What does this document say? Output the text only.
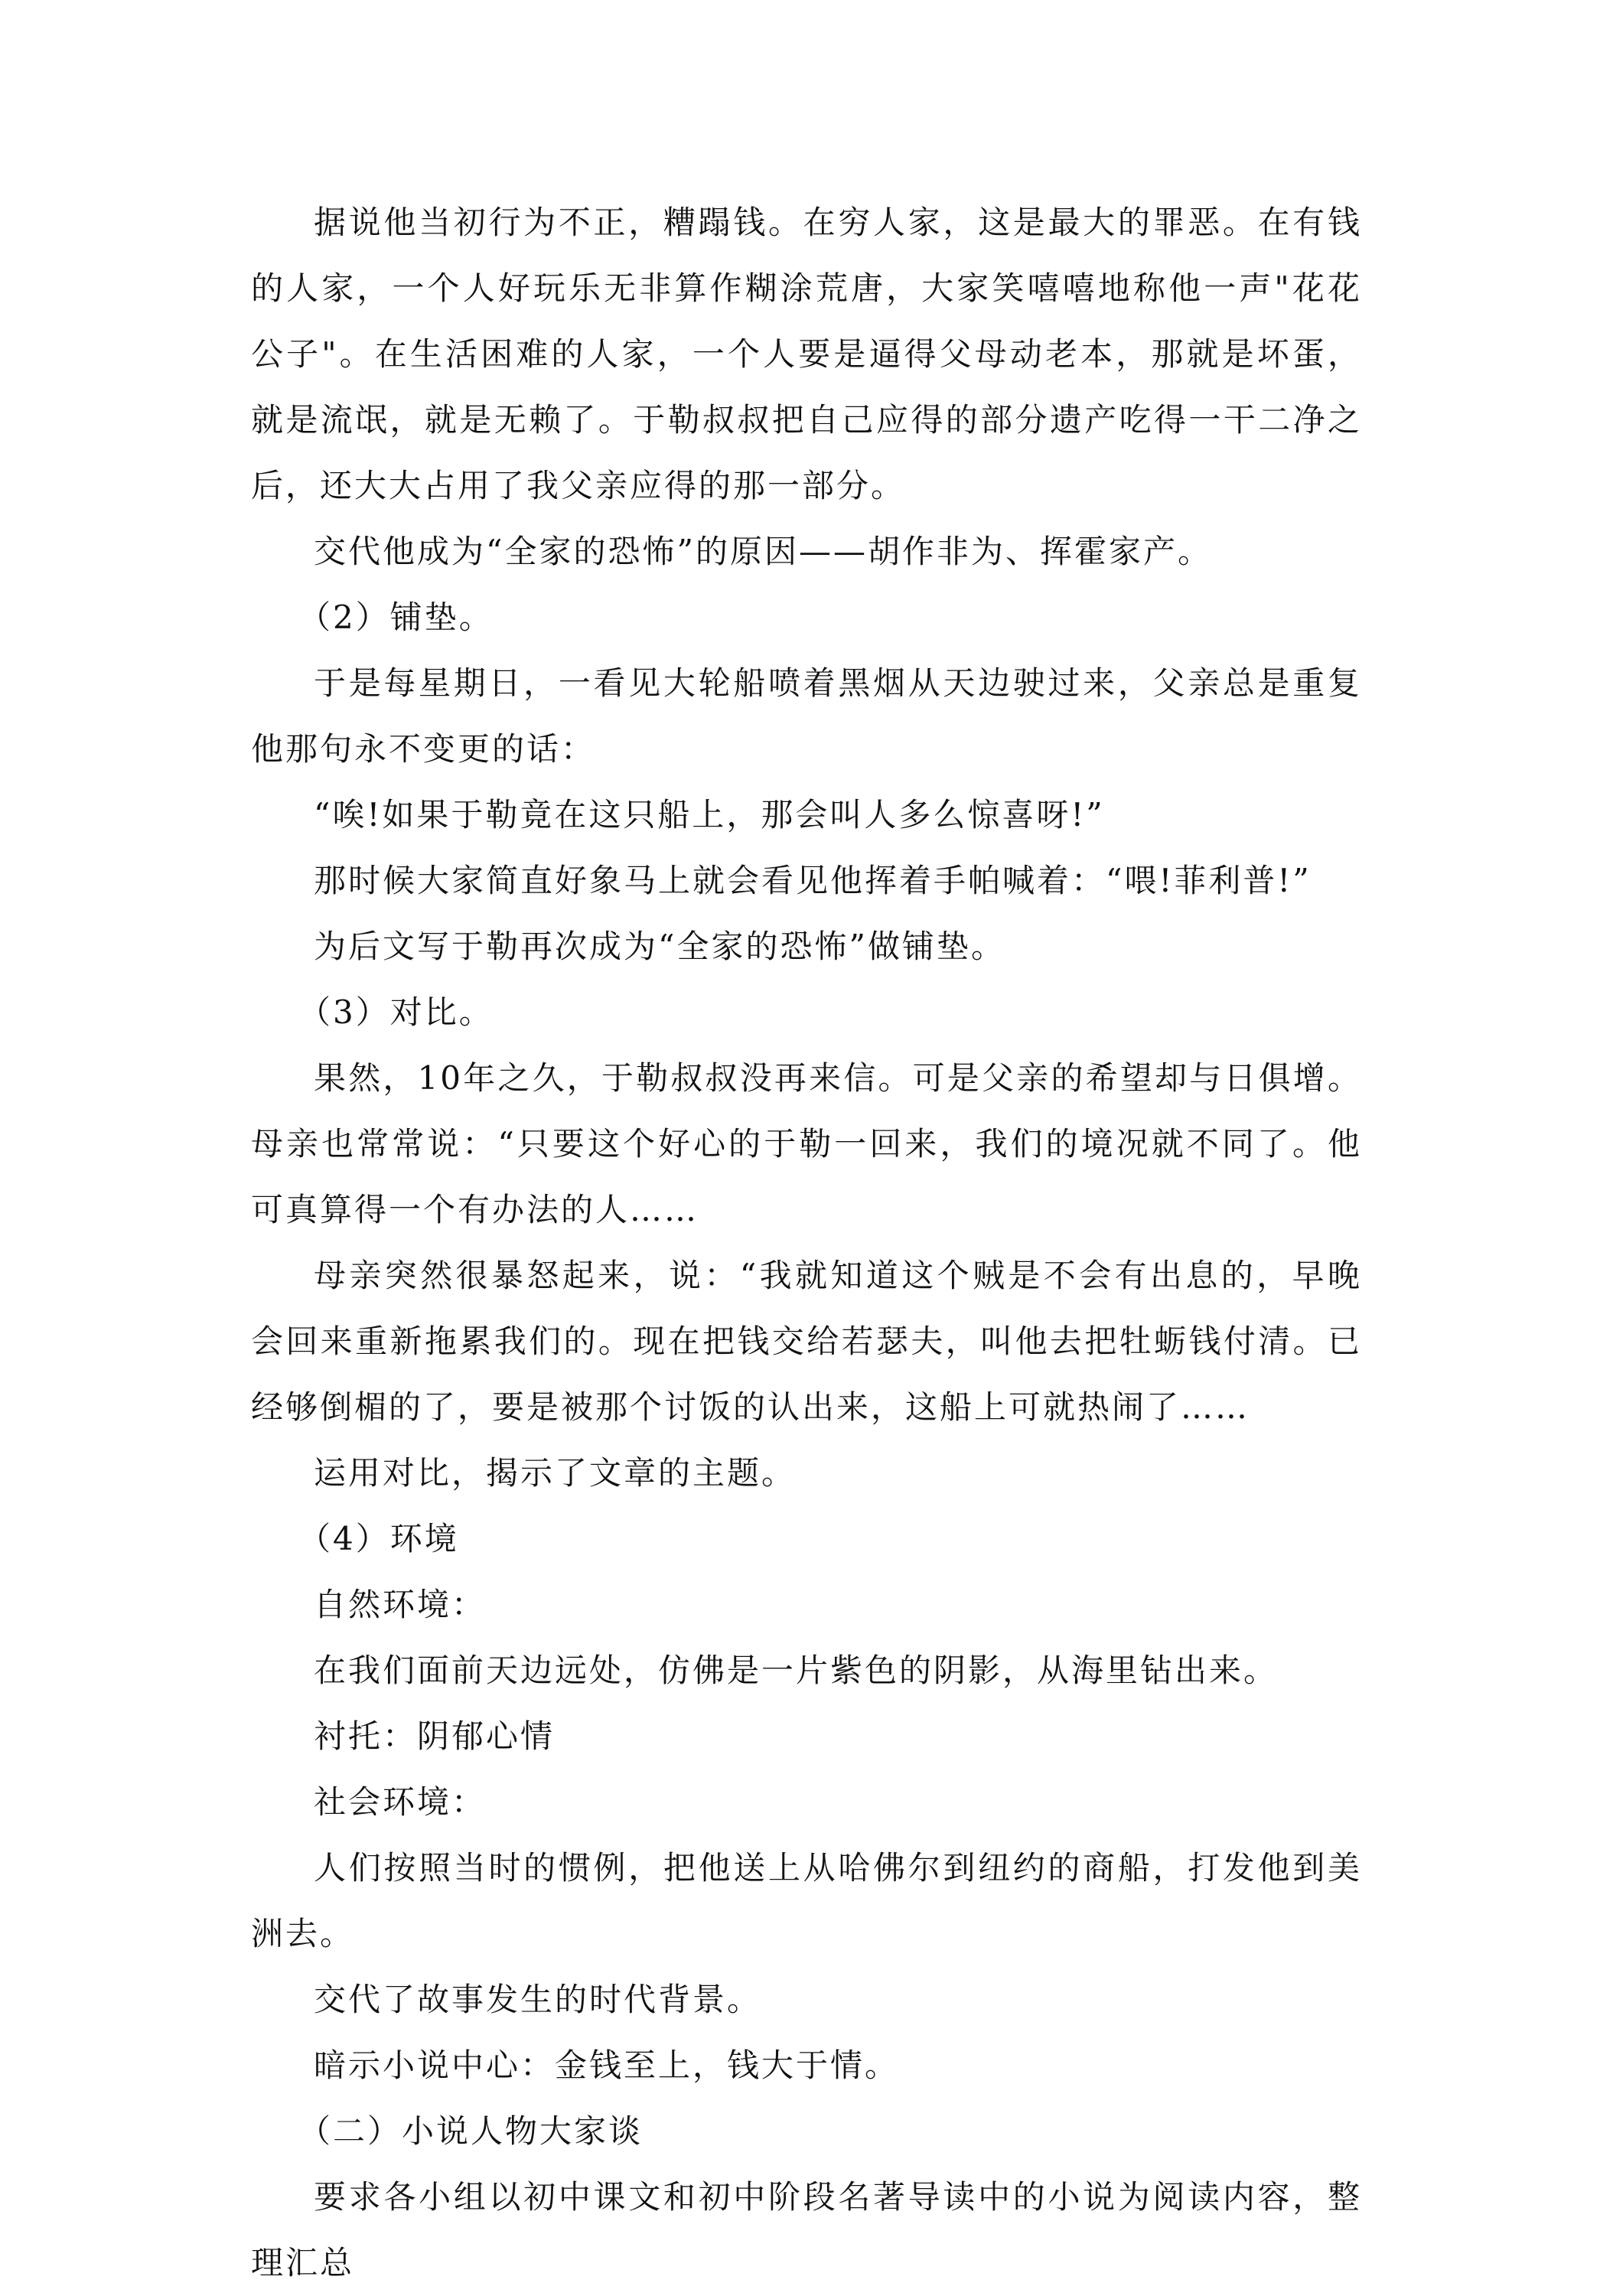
据说他当初行为不正，糟蹋钱。在穷人家，这是最大的罪恶。在有钱的人家，一个人好玩乐无非算作糊涂荒唐，大家笑嘻嘻地称他一声"花花公子"。在生活困难的人家，一个人要是逼得父母动老本，那就是坏蛋，就是流氓，就是无赖了。于勒叔叔把自己应得的部分遗产吃得一干二净之后，还大大占用了我父亲应得的那一部分。

交代他成为“全家的恐怖”的原因——胡作非为、挥霍家产。

（2）铺垫。

于是每星期日，一看见大轮船喷着黑烟从天边驶过来，父亲总是重复他那句永不变更的话：

“唉!如果于勒竟在这只船上，那会叫人多么惊喜呀!”

那时候大家简直好象马上就会看见他挥着手帕喊着：“喂!菲利普!”

为后文写于勒再次成为“全家的恐怖”做铺垫。

（3）对比。

果然，10年之久，于勒叔叔没再来信。可是父亲的希望却与日俱增。母亲也常常说：“只要这个好心的于勒一回来，我们的境况就不同了。他可真算得一个有办法的人……

母亲突然很暴怒起来，说：“我就知道这个贼是不会有出息的，早晚会回来重新拖累我们的。现在把钱交给若瑟夫，叫他去把牡蛎钱付清。已经够倒楣的了，要是被那个讨饭的认出来，这船上可就热闹了……

运用对比，揭示了文章的主题。

（4）环境

自然环境：

在我们面前天边远处，仿佛是一片紫色的阴影，从海里钻出来。

衬托：阴郁心情

社会环境：

人们按照当时的惯例，把他送上从哈佛尔到纽约的商船，打发他到美洲去。

交代了故事发生的时代背景。

暗示小说中心：金钱至上，钱大于情。

（二）小说人物大家谈

要求各小组以初中课文和初中阶段名著导读中的小说为阅读内容，整理汇总
